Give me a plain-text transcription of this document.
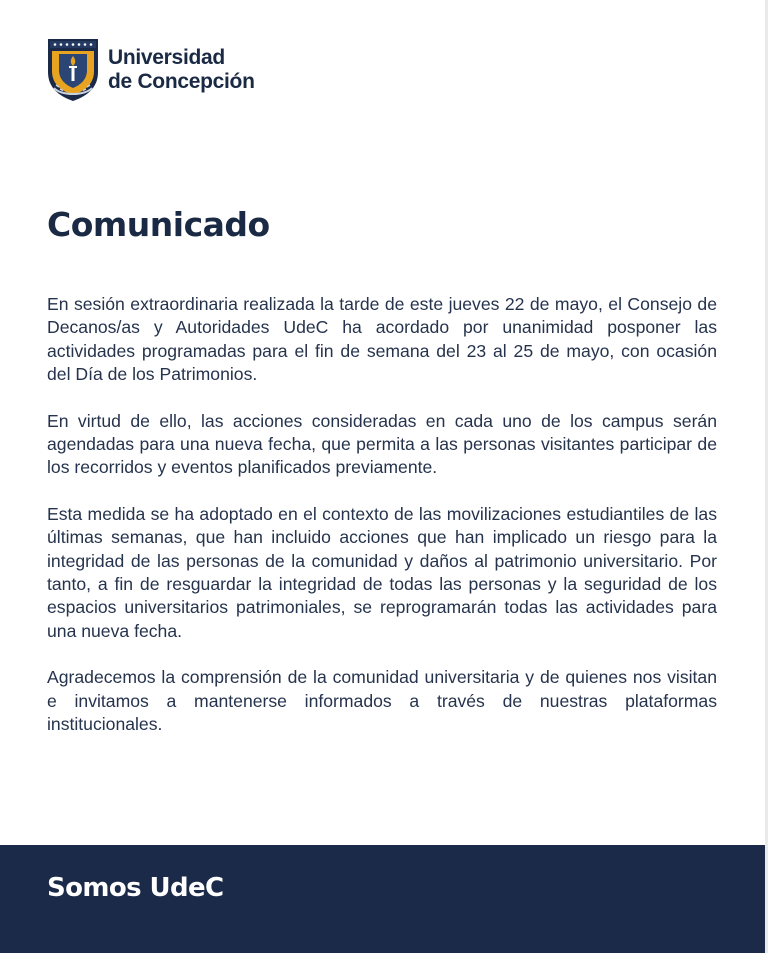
Universidad
de Concepción
Comunicado

En sesión extraordinaria realizada la tarde de este jueves 22 de mayo, el Consejo de Decanos/as y Autoridades UdeC ha acordado por unanimidad posponer las actividades programadas para el fin de semana del 23 al 25 de mayo, con ocasión del Día de los Patrimonios.

En virtud de ello, las acciones consideradas en cada uno de los campus serán agendadas para una nueva fecha, que permita a las personas visitantes participar de los recorridos y eventos planificados previamente.

Esta medida se ha adoptado en el contexto de las movilizaciones estudiantiles de las últimas semanas, que han incluido acciones que han implicado un riesgo para la integridad de las personas de la comunidad y daños al patrimonio universitario. Por tanto, a fin de resguardar la integridad de todas las personas y la seguridad de los espacios universitarios patrimoniales, se reprogramarán todas las actividades para una nueva fecha.

Agradecemos la comprensión de la comunidad universitaria y de quienes nos visitan e invitamos a mantenerse informados a través de nuestras plataformas institucionales.

Somos UdeC
